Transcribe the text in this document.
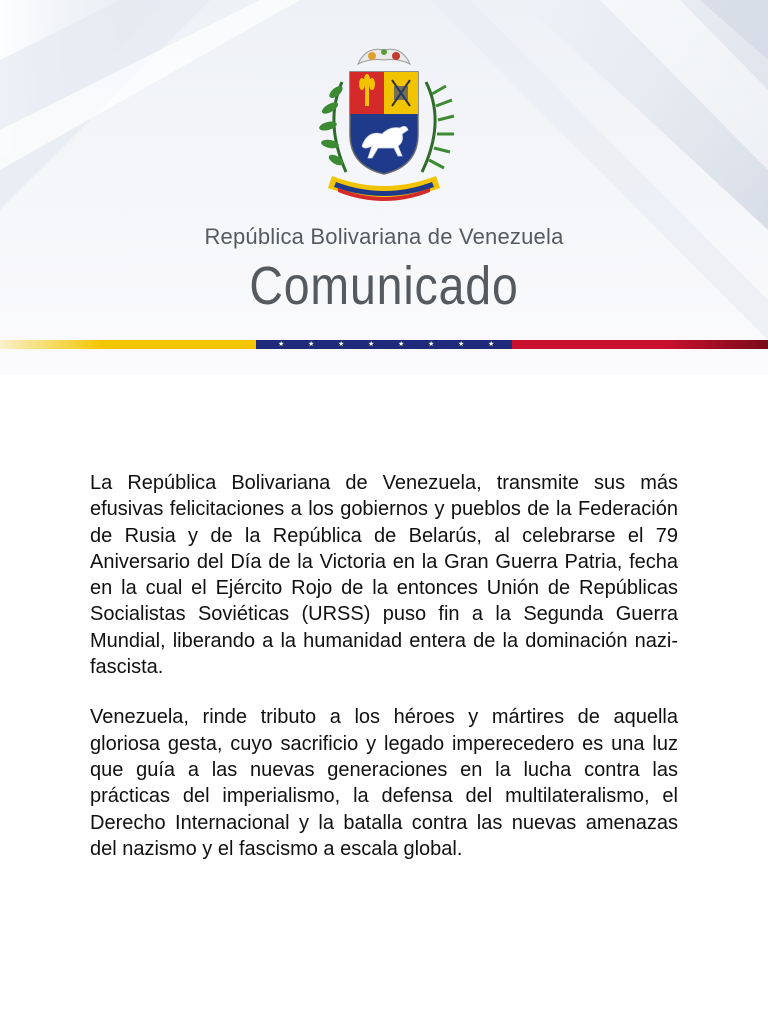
República Bolivariana de Venezuela
Comunicado
★	★	★	★	★	★	★	★

La República Bolivariana de Venezuela, transmite sus más efusivas felicitaciones a los gobiernos y pueblos de la Federación de Rusia y de la República de Belarús, al celebrarse el 79 Aniversario del Día de la Victoria en la Gran Guerra Patria, fecha en la cual el Ejército Rojo de la entonces Unión de Repúblicas Socialistas Soviéticas (URSS) puso fin a la Segunda Guerra Mundial, liberando a la humanidad entera de la dominación nazi-fascista.

Venezuela, rinde tributo a los héroes y mártires de aquella gloriosa gesta, cuyo sacrificio y legado imperecedero es una luz que guía a las nuevas generaciones en la lucha contra las prácticas del imperialismo, la defensa del multilateralismo, el Derecho Internacional y la batalla contra las nuevas amenazas del nazismo y el fascismo a escala global.
